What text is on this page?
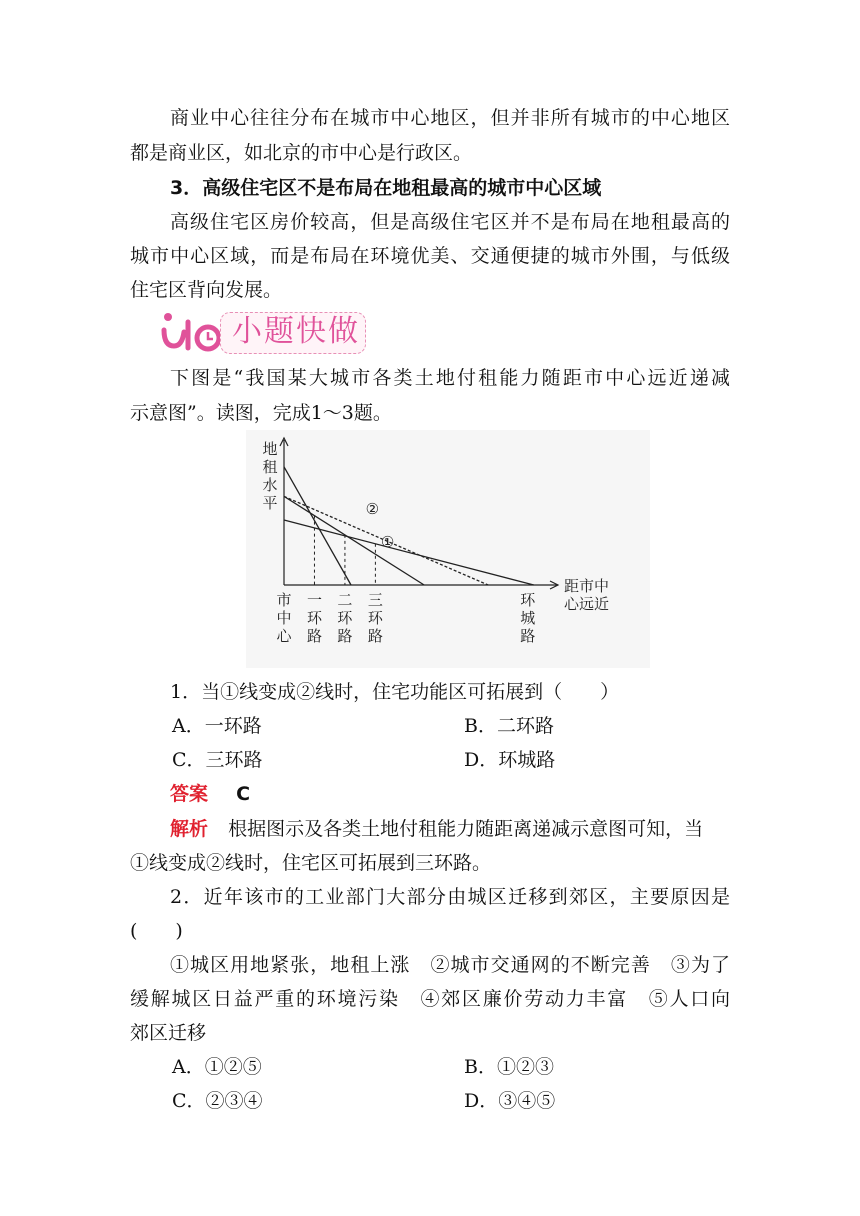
商业中心往往分布在城市中心地区，但并非所有城市的中心地区
都是商业区，如北京的市中心是行政区。
3．高级住宅区不是布局在地租最高的城市中心区域
高级住宅区房价较高，但是高级住宅区并不是布局在地租最高的
城市中心区域，而是布局在环境优美、交通便捷的城市外围，与低级
住宅区背向发展。
小题快做
下图是“我国某大城市各类土地付租能力随距市中心远近递减
示意图”。读图，完成1～3题。
地
租
水
平
距市中
心远近
市
中
心
一
环
路
二
环
路
三
环
路
环
城
路
①
②
1．当①线变成②线时，住宅功能区可拓展到（　　）
A．一环路	B．二环路
C．三环路	D．环城路
答案 C
解析 根据图示及各类土地付租能力随距离递减示意图可知，当
①线变成②线时，住宅区可拓展到三环路。
2．近年该市的工业部门大部分由城区迁移到郊区，主要原因是
(　　)
①城区用地紧张，地租上涨　②城市交通网的不断完善　③为了
缓解城区日益严重的环境污染　④郊区廉价劳动力丰富　⑤人口向
郊区迁移
A．①②⑤	B．①②③
C．②③④	D．③④⑤
